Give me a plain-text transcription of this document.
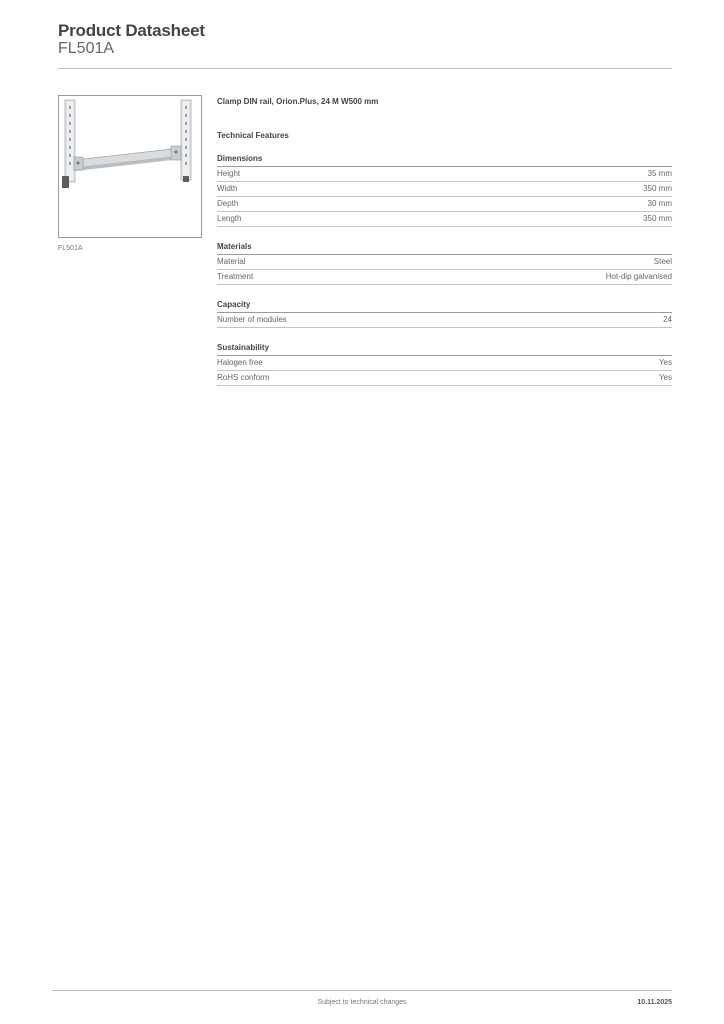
Product Datasheet
FL501A
FL501A
Clamp DIN rail, Orion.Plus, 24 M W500 mm
Technical Features
Dimensions
Height	35 mm
Width	350 mm
Depth	30 mm
Length	350 mm
Materials
Material	Steel
Treatment	Hot-dip galvanised
Capacity
Number of modules	24
Sustainability
Halogen free	Yes
RoHS conform	Yes
Subject to technical changes	10.11.2025
